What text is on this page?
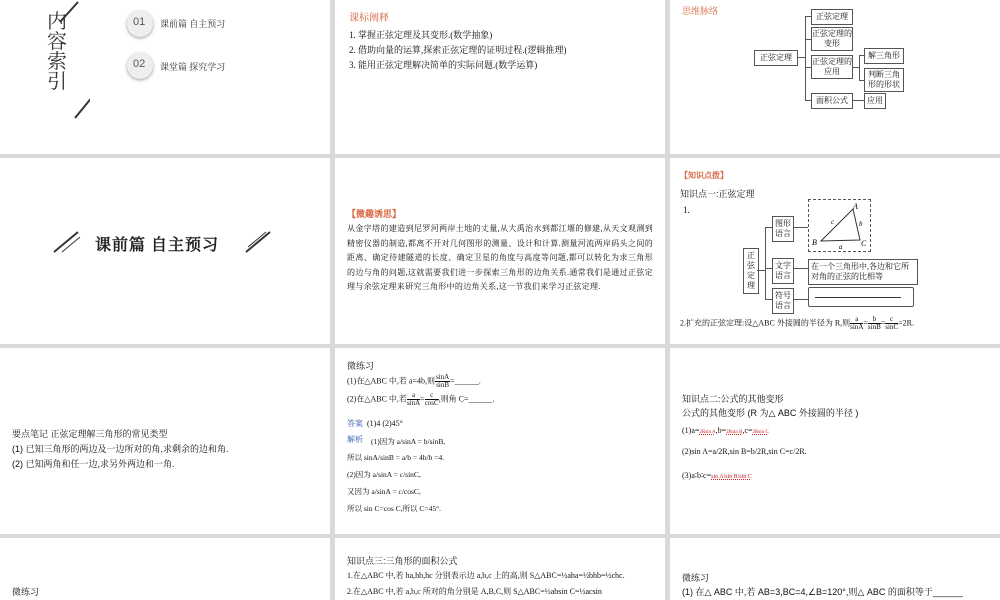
内
容
索
引
01 课前篇 自主预习
02 课堂篇 探究学习
课标阐释
1. 掌握正弦定理及其变形.(数学抽象)
2. 借助向量的运算,探索正弦定理的证明过程.(逻辑推理)
3. 能用正弦定理解决简单的实际问题.(数学运算)
思维脉络
正弦定理
正弦定理
正弦定理的变形
正弦定理的应用
面积公式
解三角形
判断三角形的形状
应用
课前篇 自主预习
【微趣诱思】
从金字塔的建造到尼罗河两岸土地的丈量,从大禹治水到都江堰的修建,从天文观测到精密仪器的制造,都离不开对几何图形的测量、设计和计算.测量河流两岸码头之间的距离、确定待建隧道的长度、确定卫星的角度与高度等问题,都可以转化为求三角形的边与角的问题,这就需要我们进一步探索三角形的边角关系.通常我们是通过正弦定理与余弦定理来研究三角形中的边角关系,这一节我们来学习正弦定理.
【知识点拨】
知识点一:正弦定理
1.
正弦定理
图形语言
文字语言
符号语言
A
B	C
a
b
c
在一个三角形中,各边和它所对角的正弦的比相等
2.扩充的正弦定理:设△ABC 外接圆的半径为 R,则 $\frac{a}{\sin A} = \frac{b}{\sin B} = \frac{c}{\sin C} =2R$.
要点笔记 正弦定理解三角形的常见类型
(1) 已知三角形的两边及一边所对的角,求剩余的边和角.
(2) 已知两角和任一边,求另外两边和一角.
微练习
(1)在△ABC 中,若 a=4b,则 $\frac{\sin A}{\sin B}$ =______.
(2)在△ABC 中,若 $\frac{a}{\sin A} = \frac{c}{\cos C}$ ,则角 C=______.
答案 (1)4 (2)45°
解析 (1)因为 a/sinA = b/sinB,
所以 sinA/sinB = a/b = 4b/b =4.
(2)因为 a/sinA = c/sinC,
又因为 a/sinA = c/cosC,
所以 sin C=cos C,所以 C=45°.
知识点二:公式的其他变形
公式的其他变形 (R 为△ ABC 外接圆的半径 )
(1)a=2Rsin A,b=2Rsin B,c=2Rsin C
(2)sin A=a/2R,sin B=b/2R,sin C=c/2R.
(3)a∶b∶c=sin A∶sin B∶sin C
微练习
知识点三:三角形的面积公式
1.在△ABC 中,若 ha,hb,hc 分别表示边 a,b,c 上的高,则 S△ABC=½aha=½bhb=½chc.
2.在△ABC 中,若 a,b,c 所对的角分别是 A,B,C,则 S△ABC=½absin C=½acsin
微练习
(1) 在△ ABC 中,若 AB=3,BC=4,∠B=120°,则△ ABC 的面积等于______
